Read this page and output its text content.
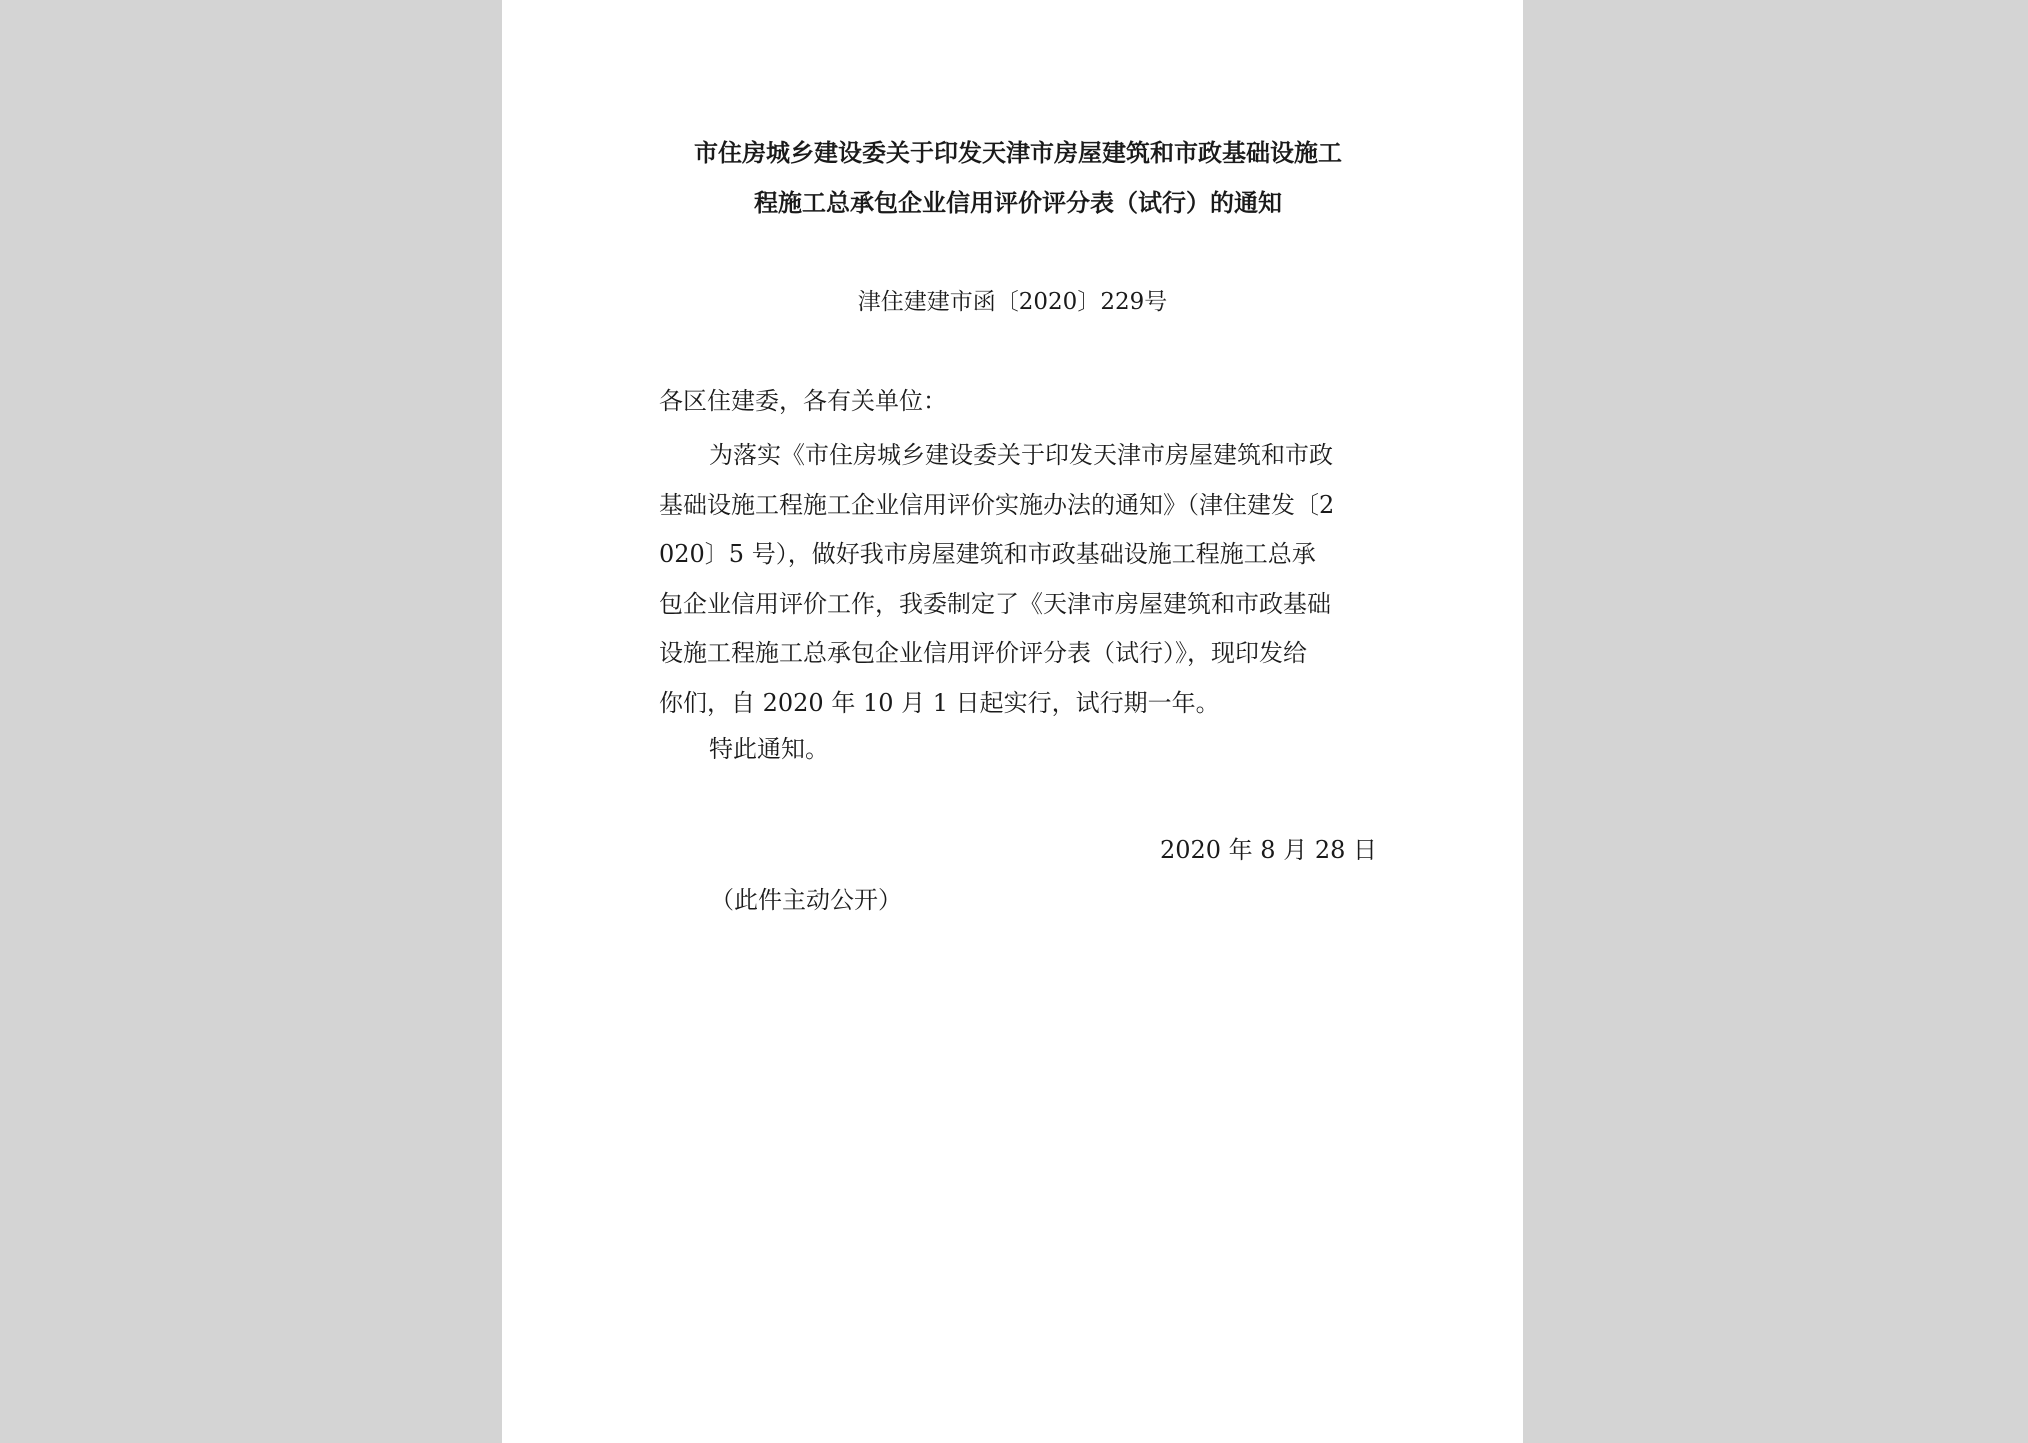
市住房城乡建设委关于印发天津市房屋建筑和市政基础设施工
程施工总承包企业信用评价评分表（试行）的通知
津住建建市函〔2020〕229号
各区住建委，各有关单位：
为落实《市住房城乡建设委关于印发天津市房屋建筑和市政
基础设施工程施工企业信用评价实施办法的通知》（津住建发〔2
020〕5 号），做好我市房屋建筑和市政基础设施工程施工总承
包企业信用评价工作，我委制定了《天津市房屋建筑和市政基础
设施工程施工总承包企业信用评价评分表（试行）》，现印发给
你们，自 2020 年 10 月 1 日起实行，试行期一年。
特此通知。
2020 年 8 月 28 日
（此件主动公开）
